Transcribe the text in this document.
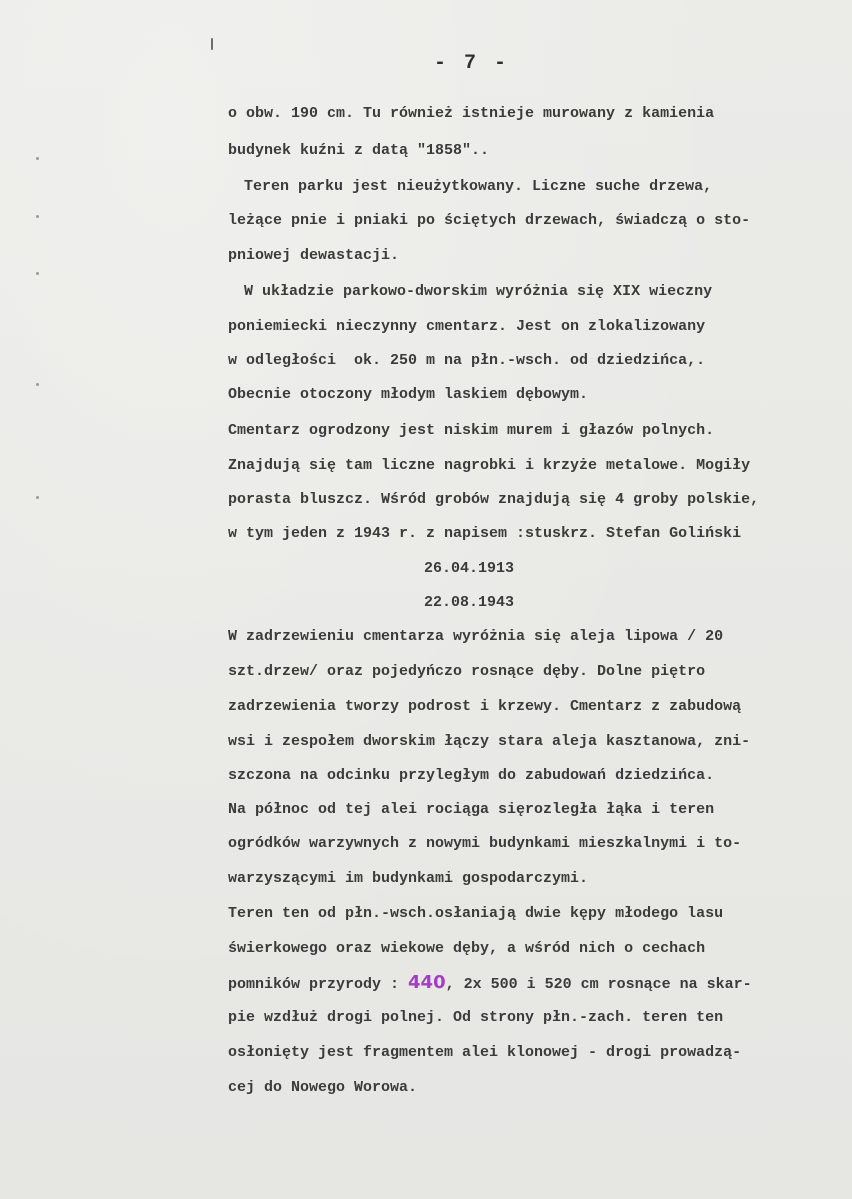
- 7 -
o obw. 190 cm. Tu również istnieje murowany z kamienia
budynek kuźni z datą "1858"..
Teren parku jest nieużytkowany. Liczne suche drzewa,
leżące pnie i pniaki po ściętych drzewach, świadczą o sto-
pniowej dewastacji.
W układzie parkowo-dworskim wyróżnia się XIX wieczny
poniemiecki nieczynny cmentarz. Jest on zlokalizowany
w odległości  ok. 250 m na płn.-wsch. od dziedzińca,.
Obecnie otoczony młodym laskiem dębowym.
Cmentarz ogrodzony jest niskim murem i głazów polnych.
Znajdują się tam liczne nagrobki i krzyże metalowe. Mogiły
porasta bluszcz. Wśród grobów znajdują się 4 groby polskie,
w tym jeden z 1943 r. z napisem :stuskrz. Stefan Goliński
26.04.1913
22.08.1943
W zadrzewieniu cmentarza wyróżnia się aleja lipowa / 20
szt.drzew/ oraz pojedyńczo rosnące dęby. Dolne piętro
zadrzewienia tworzy podrost i krzewy. Cmentarz z zabudową
wsi i zespołem dworskim łączy stara aleja kasztanowa, zni-
szczona na odcinku przyległym do zabudowań dziedzińca.
Na północ od tej alei rociąga sięrozległa łąka i teren
ogródków warzywnych z nowymi budynkami mieszkalnymi i to-
warzyszącymi im budynkami gospodarczymi.
Teren ten od płn.-wsch.osłaniają dwie kępy młodego lasu
świerkowego oraz wiekowe dęby, a wśród nich o cechach
pomników przyrody : 440, 2x 500 i 520 cm rosnące na skar-
pie wzdłuż drogi polnej. Od strony płn.-zach. teren ten
osłonięty jest fragmentem alei klonowej - drogi prowadzą-
cej do Nowego Worowa.
